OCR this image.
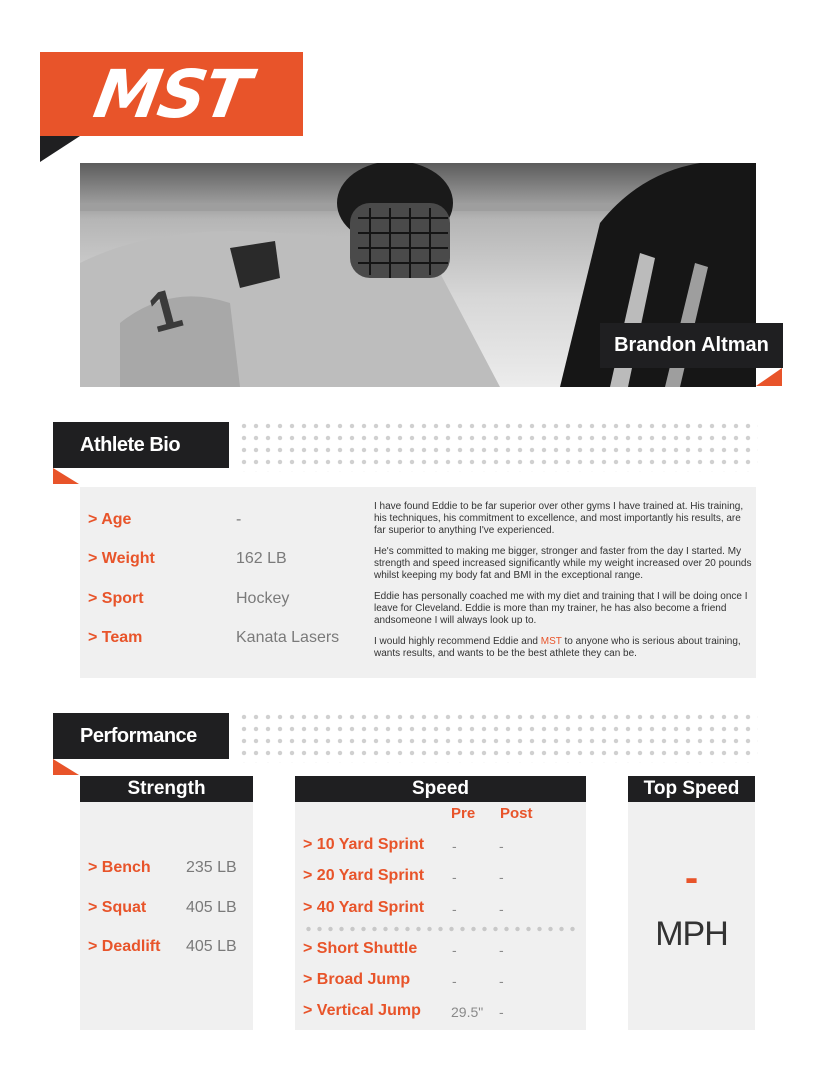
MST
1
Brandon Altman
Athlete Bio
> Age	-
> Weight	162 LB
> Sport	Hockey
> Team	Kanata Lasers
I have found Eddie to be far superior over other gyms I have trained at. His training, his techniques, his commitment to excellence, and most importantly his results, are far superior to anything I've experienced.
He's committed to making me bigger, stronger and faster from the day I started. My strength and speed increased significantly while my weight increased over 20 pounds whilst keeping my body fat and BMI in the exceptional range.
Eddie has personally coached me with my diet and training that I will be doing once I leave for Cleveland. Eddie is more than my trainer, he has also become a friend andsomeone I will always look up to.
I would highly recommend Eddie and MST to anyone who is serious about training, wants results, and wants to be the best athlete they can be.
Performance
Strength
> Bench 235 LB
> Squat 405 LB
> Deadlift 405 LB
Speed
Pre Post
> 10 Yard Sprint -	-
> 20 Yard Sprint -	-
> 40 Yard Sprint -	-
> Short Shuttle -	-
> Broad Jump	-	-
> Vertical Jump 29.5" -
Top Speed
-
MPH
